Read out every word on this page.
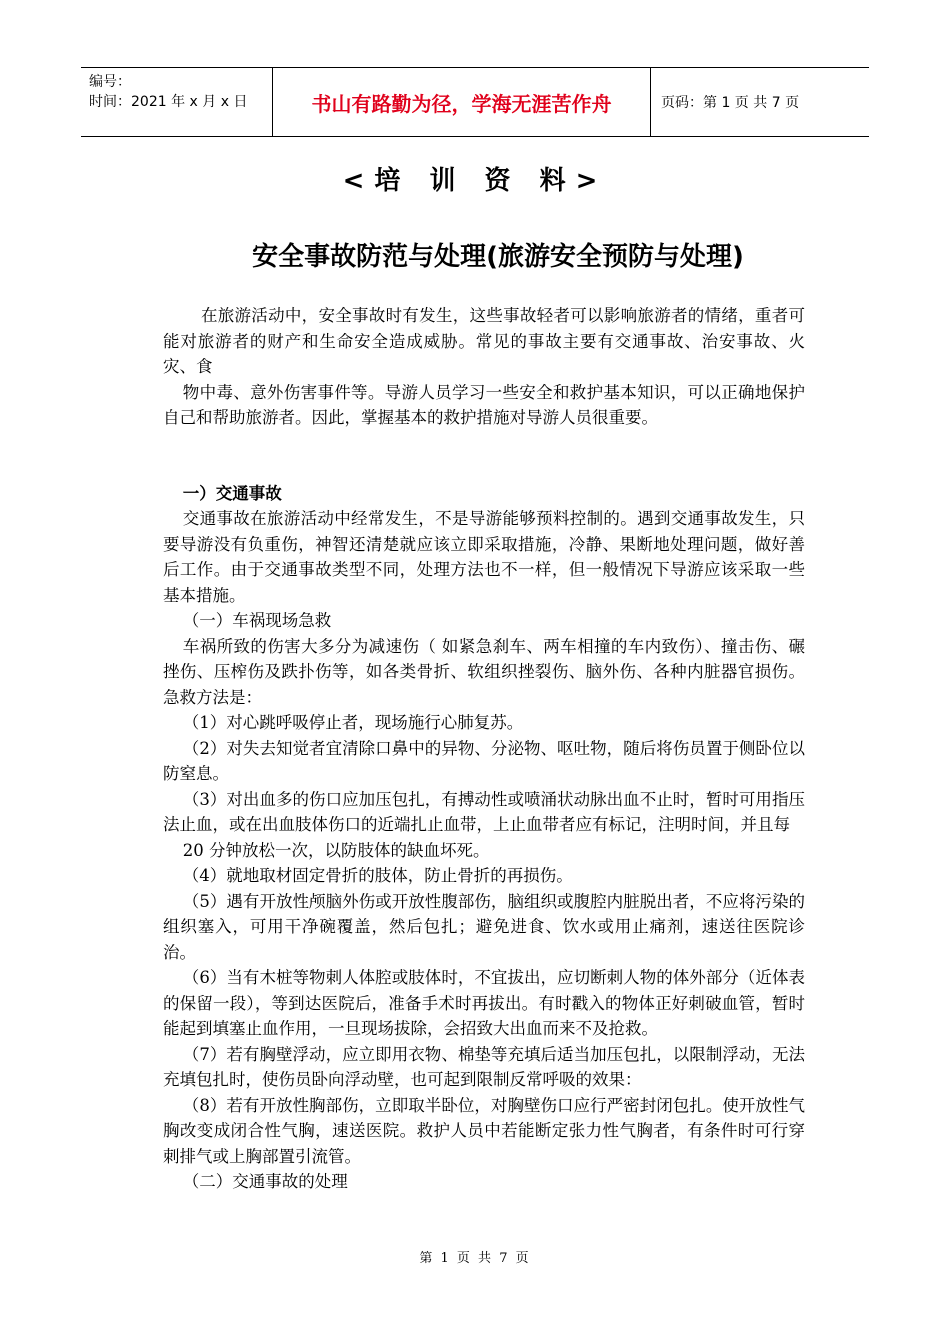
编号：
时间：2021 年 x 月 x 日	书山有路勤为径，学海无涯苦作舟	页码：第 1 页 共 7 页
<培 训 资 料>
安全事故防范与处理(旅游安全预防与处理)

在旅游活动中，安全事故时有发生，这些事故轻者可以影响旅游者的情绪，重者可能对旅游者的财产和生命安全造成威胁。常见的事故主要有交通事故、治安事故、火灾、食

物中毒、意外伤害事件等。导游人员学习一些安全和救护基本知识，可以正确地保护自己和帮助旅游者。因此，掌握基本的救护措施对导游人员很重要。

一）交通事故

交通事故在旅游活动中经常发生，不是导游能够预料控制的。遇到交通事故发生，只要导游没有负重伤，神智还清楚就应该立即采取措施，冷静、果断地处理问题，做好善后工作。由于交通事故类型不同，处理方法也不一样，但一般情况下导游应该采取一些基本措施。

（一）车祸现场急救

车祸所致的伤害大多分为减速伤（ 如紧急刹车、两车相撞的车内致伤）、撞击伤、碾挫伤、压榨伤及跌扑伤等，如各类骨折、软组织挫裂伤、脑外伤、各种内脏器官损伤。急救方法是：

（1）对心跳呼吸停止者，现场施行心肺复苏。

（2）对失去知觉者宜清除口鼻中的异物、分泌物、呕吐物，随后将伤员置于侧卧位以防窒息。

（3）对出血多的伤口应加压包扎，有搏动性或喷涌状动脉出血不止时，暂时可用指压法止血，或在出血肢体伤口的近端扎止血带，上止血带者应有标记，注明时间，并且每

20 分钟放松一次，以防肢体的缺血坏死。

（4）就地取材固定骨折的肢体，防止骨折的再损伤。

（5）遇有开放性颅脑外伤或开放性腹部伤，脑组织或腹腔内脏脱出者，不应将污染的组织塞入，可用干净碗覆盖，然后包扎；避免进食、饮水或用止痛剂，速送往医院诊治。

（6）当有木桩等物刺人体腔或肢体时，不宜拔出，应切断刺人物的体外部分（近体表的保留一段），等到达医院后，准备手术时再拔出。有时戳入的物体正好刺破血管，暂时能起到填塞止血作用，一旦现场拔除，会招致大出血而来不及抢救。

（7）若有胸壁浮动，应立即用衣物、棉垫等充填后适当加压包扎，以限制浮动，无法充填包扎时，使伤员卧向浮动壁，也可起到限制反常呼吸的效果：

（8）若有开放性胸部伤，立即取半卧位，对胸壁伤口应行严密封闭包扎。使开放性气胸改变成闭合性气胸，速送医院。救护人员中若能断定张力性气胸者，有条件时可行穿刺排气或上胸部置引流管。

（二）交通事故的处理

第 1 页 共 7 页
